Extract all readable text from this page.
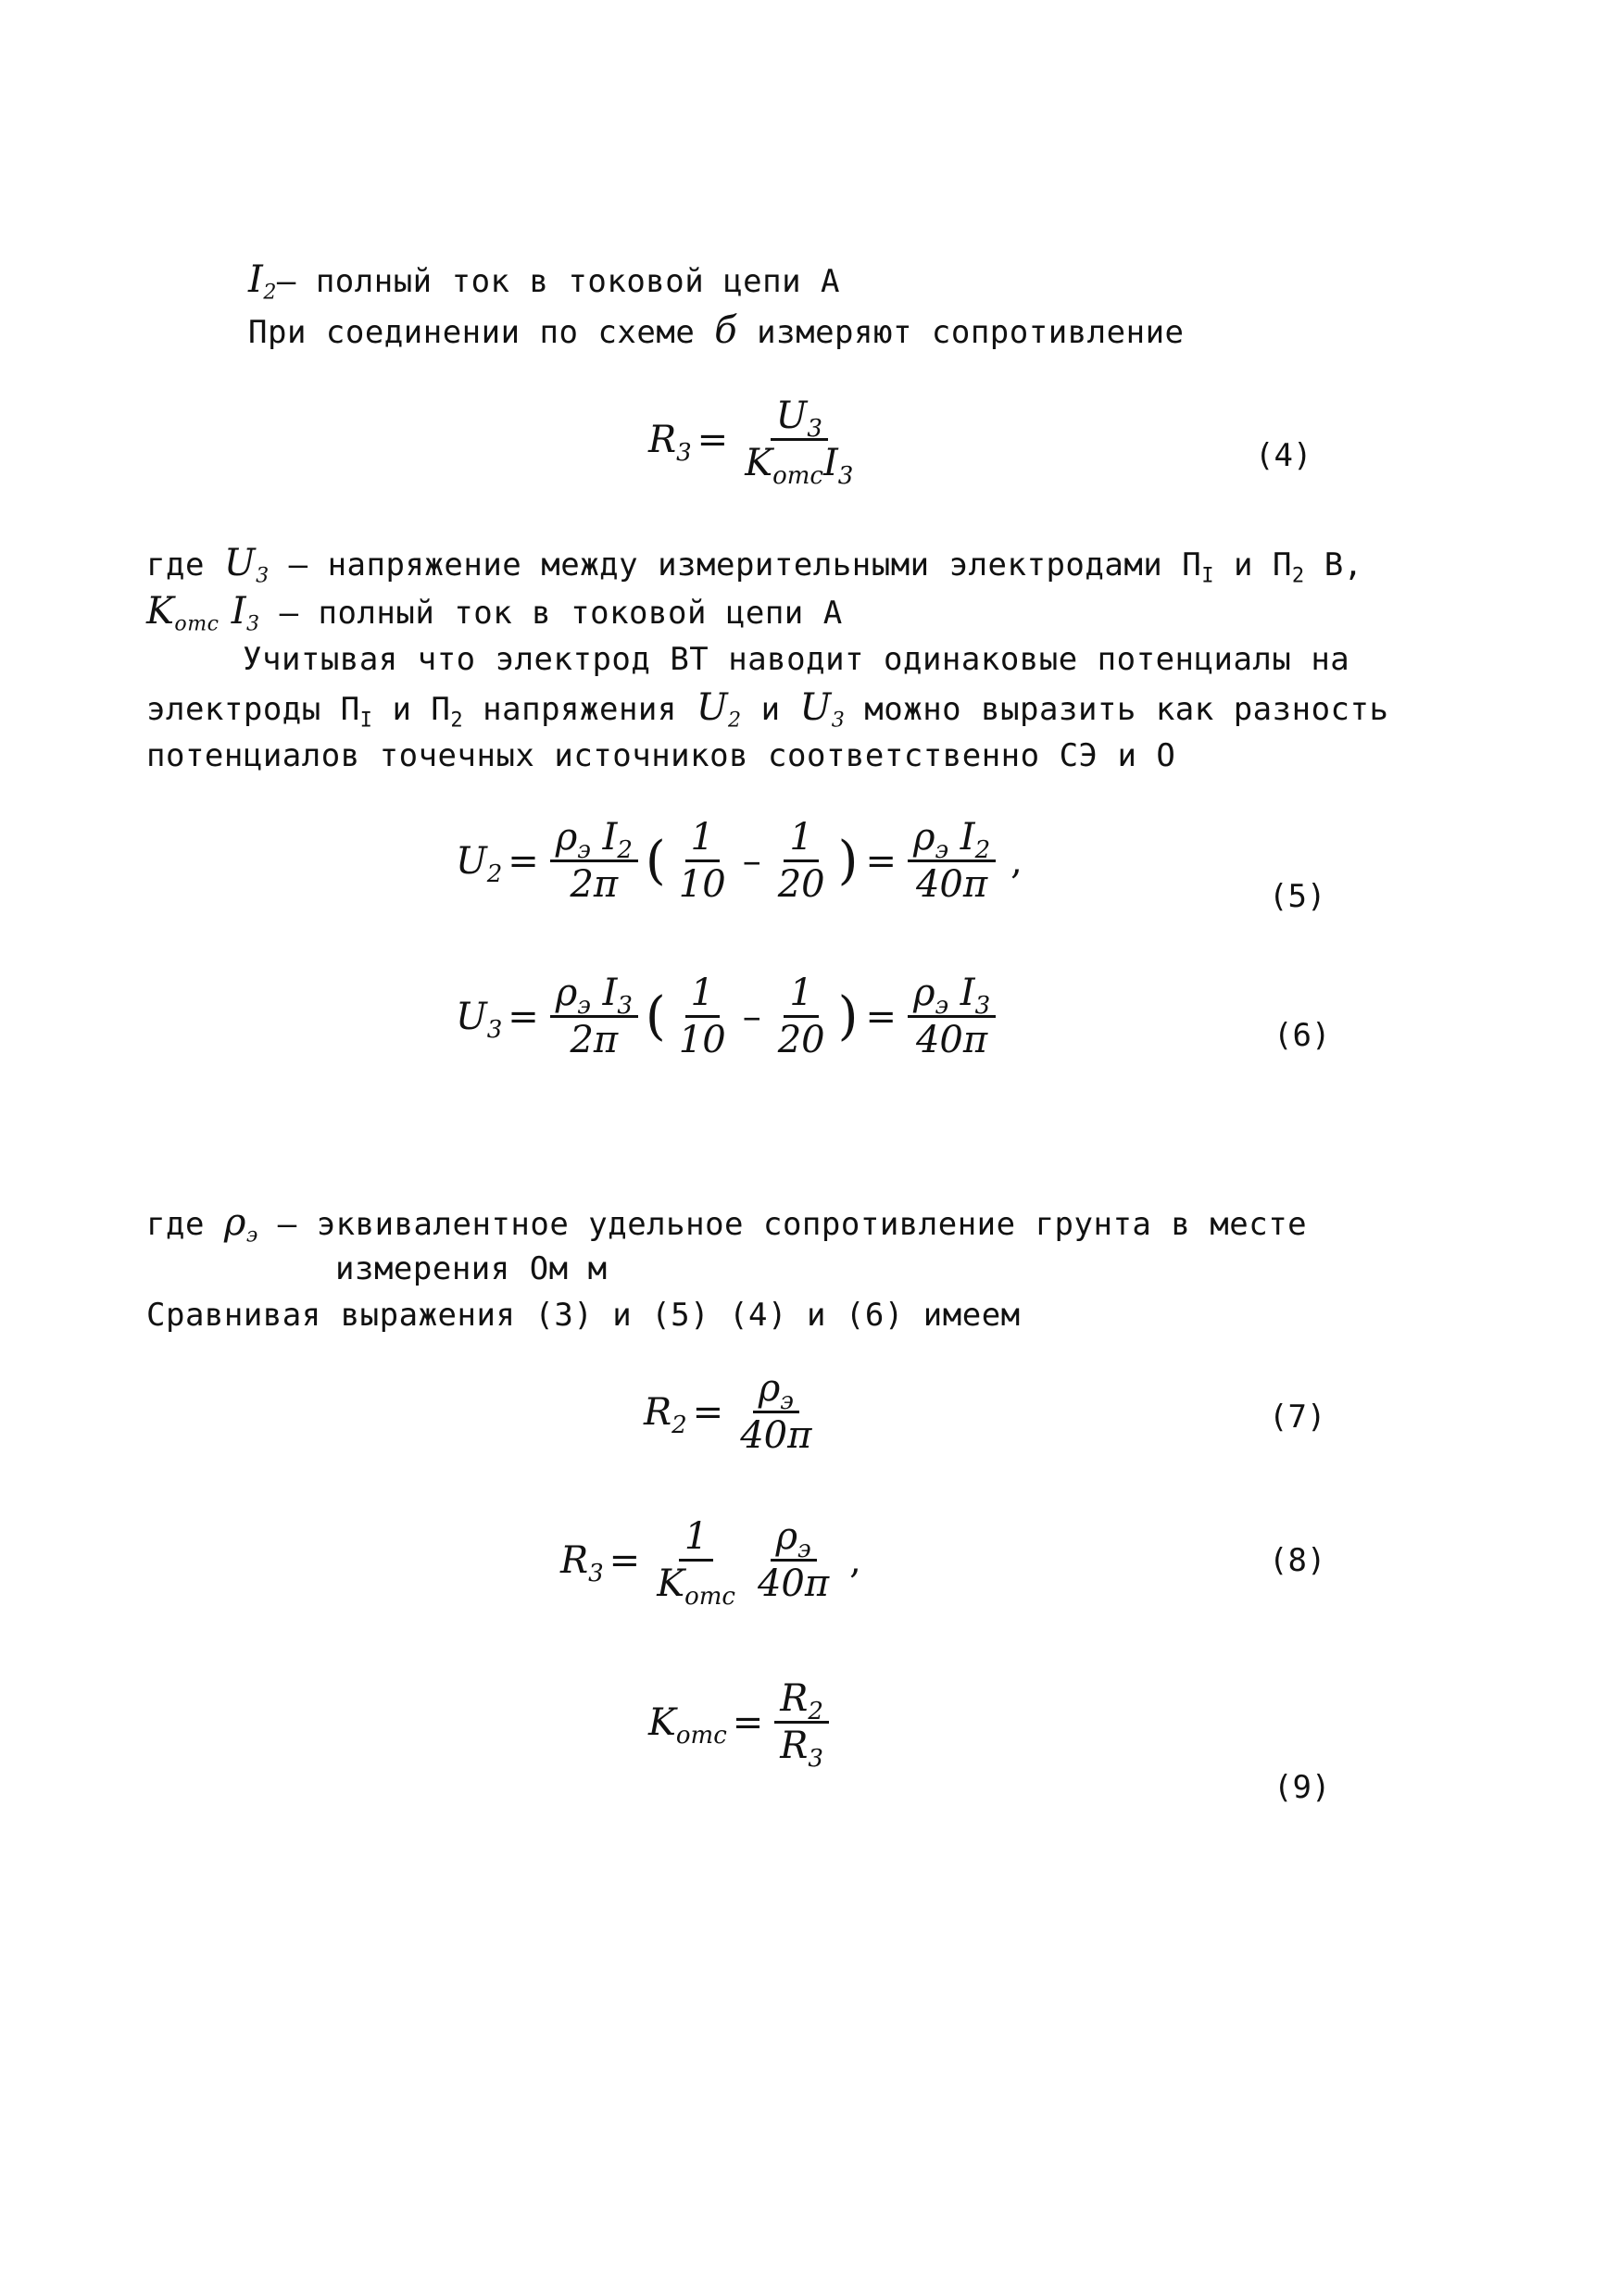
$I_2-$ полный ток в токовой цепи А
При соединении по схеме б измеряют сопротивление
$R_3 = \frac{U_3}{K_{отс}I_3}$	(4)
где $U_3$ – напряжение между измерительными электродами $П_I$ и $П_2$ В,
$K_{отс}$ $I_3$ – полный ток в токовой цепи А
Учитывая что электрод ВТ наводит одинаковые потенциалы на
электроды $П_I$ и $П_2$ напряжения $U_2$ и $U_3$ можно выразить как разность
потенциалов точечных источников соответственно СЭ и О
$U_2 = \frac{\rho_э I_2}{2\pi}$ ( $\frac{1}{10} - \frac{1}{20}$ ) = $\frac{\rho_э I_2}{40\pi}$ ,
(5)
$U_3 = \frac{\rho_э I_3}{2\pi}$ ( $\frac{1}{10} - \frac{1}{20}$ ) = $\frac{\rho_э I_3}{40\pi}$	(6)
где $\rho_э$ – эквивалентное удельное сопротивление грунта в месте
измерения Ом м
Сравнивая выражения (3) и (5) (4) и (6) имеем
$R_2 = \frac{\rho_э}{40\pi}$	(7)
$R_3 = \frac{1}{K_{отс}} \frac{\rho_э}{40\pi}$ ,	(8)
$K_{отс} = \frac{R_2}{R_3}$
(9)
